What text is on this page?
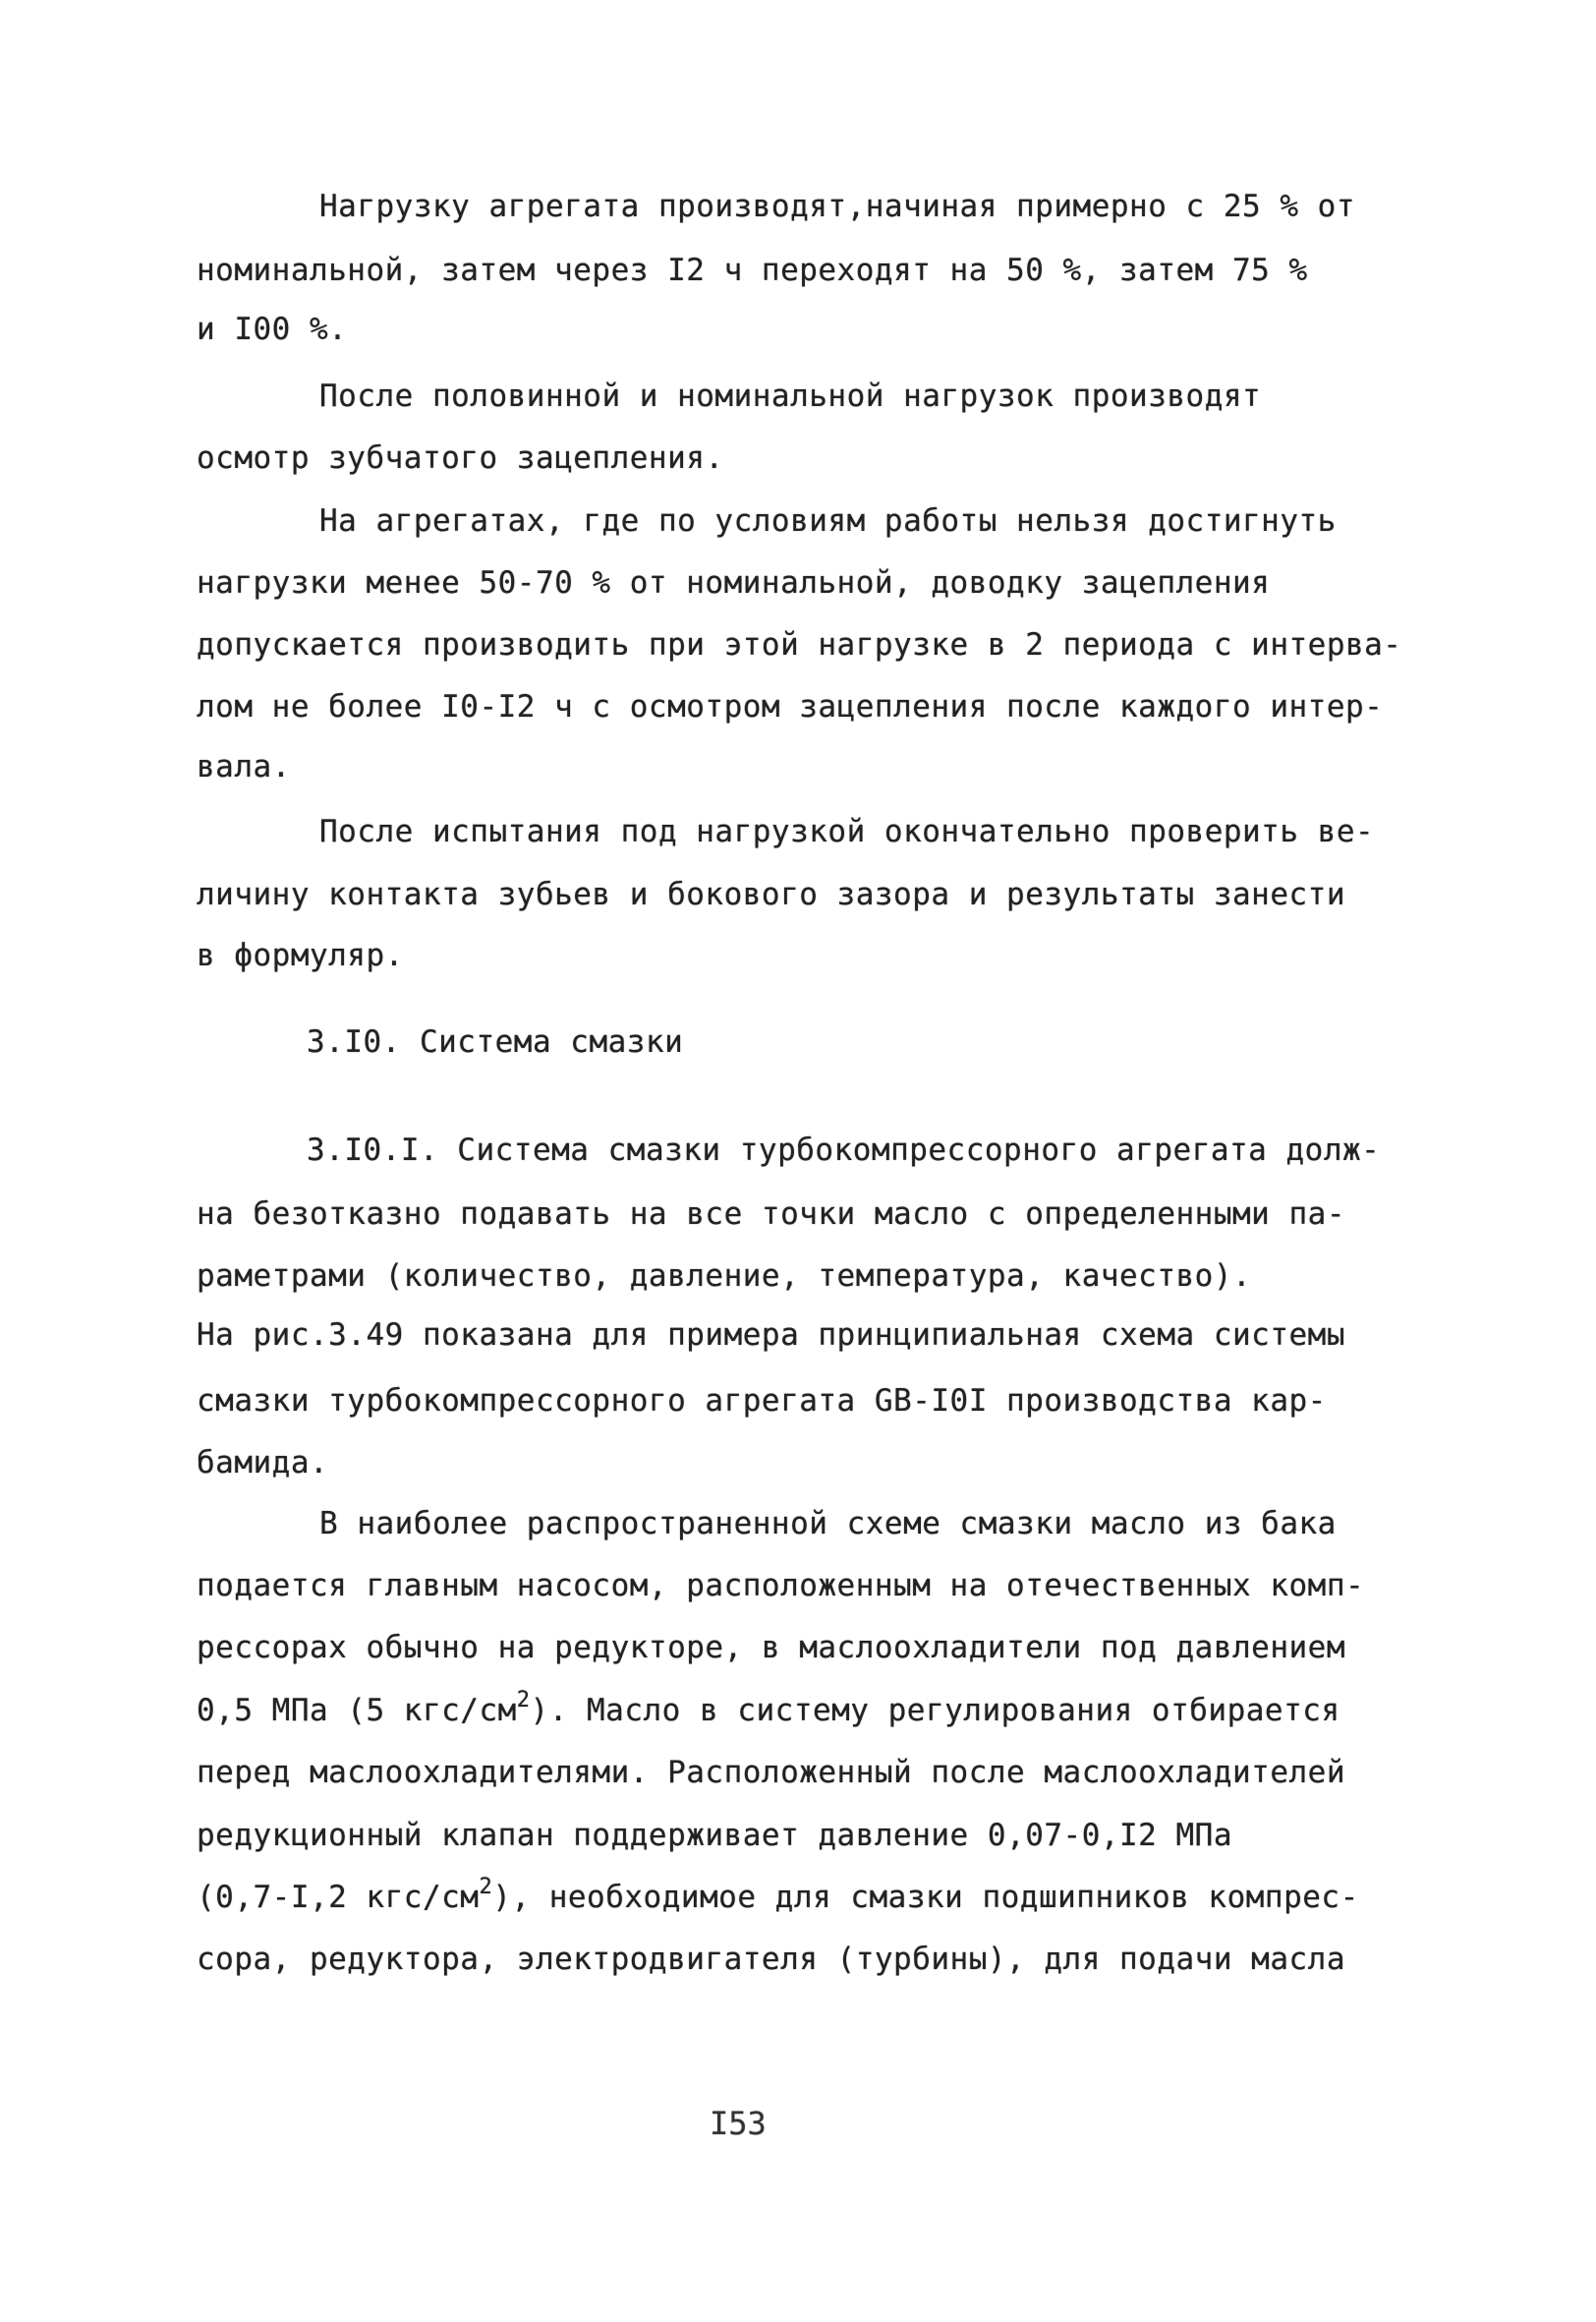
Нагрузку агрегата производят,начиная примерно с 25 % от
номинальной, затем через I2 ч переходят на 50 %, затем 75 %
и I00 %.
После половинной и номинальной нагрузок производят
осмотр зубчатого зацепления.
На агрегатах, где по условиям работы нельзя достигнуть
нагрузки менее 50-70 % от номинальной, доводку зацепления
допускается производить при этой нагрузке в 2 периода с интерва-
лом не более I0-I2 ч с осмотром зацепления после каждого интер-
вала.
После испытания под нагрузкой окончательно проверить ве-
личину контакта зубьев и бокового зазора и результаты занести
в формуляр.
3.I0. Система смазки
3.I0.I. Система смазки турбокомпрессорного агрегата долж-
на безотказно подавать на все точки масло с определенными па-
раметрами (количество, давление, температура, качество).
На рис.3.49 показана для примера принципиальная схема системы
смазки турбокомпрессорного агрегата GB-I0I производства кар-
бамида.
В наиболее распространенной схеме смазки масло из бака
подается главным насосом, расположенным на отечественных комп-
рессорах обычно на редукторе, в маслоохладители под давлением
0,5 МПа (5 кгс/$см^2$). Масло в систему регулирования отбирается
перед маслоохладителями. Расположенный после маслоохладителей
редукционный клапан поддерживает давление 0,07-0,I2 МПа
(0,7-I,2 кгс/$см^2$), необходимое для смазки подшипников компрес-
сора, редуктора, электродвигателя (турбины), для подачи масла
I53
